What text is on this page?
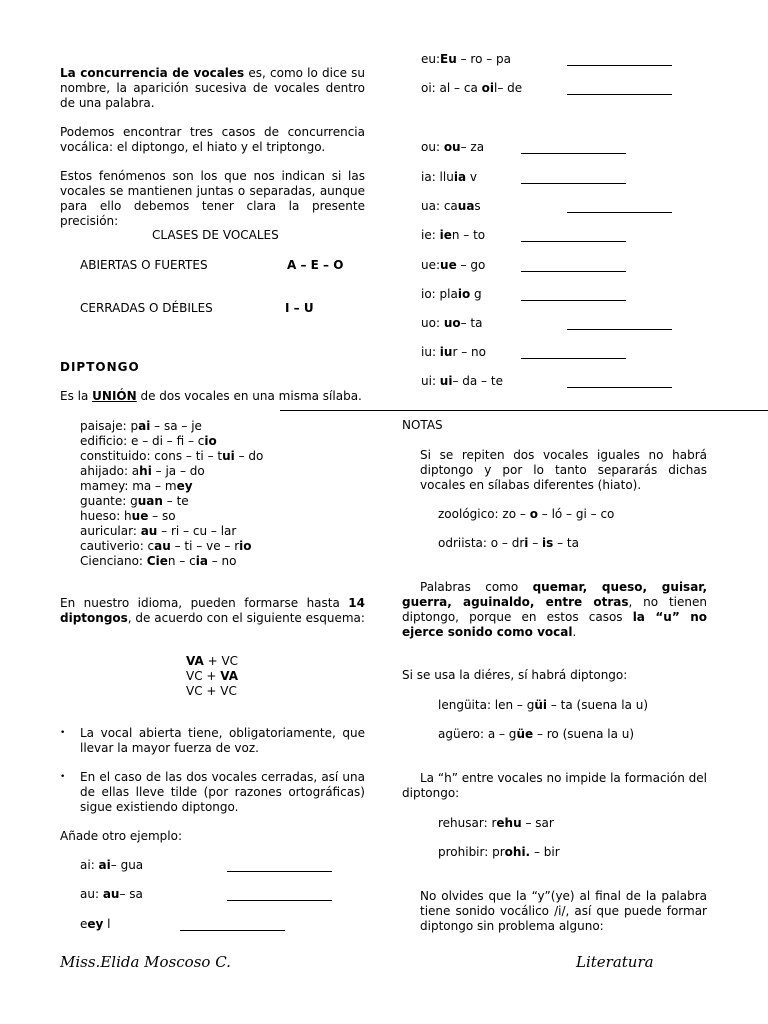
La concurrencia de vocales es, como lo dice su nombre, la aparición sucesiva de vocales dentro de una palabra.
Podemos encontrar tres casos de concurrencia vocálica: el diptongo, el hiato y el triptongo.
Estos fenómenos son los que nos indican si las vocales se mantienen juntas o separadas, aunque para ello debemos tener clara la presente precisión:
CLASES DE VOCALES
ABIERTAS O FUERTES	A – E – O
CERRADAS O DÉBILES	I – U
DIPTONGO
Es la UNIÓN de dos vocales en una misma sílaba.
paisaje: pai – sa – je
edificio: e – di – fi – cio
constituido: cons – ti – tui – do
ahijado: ahi – ja – do
mamey: ma – mey
guante: guan – te
hueso: hue – so
auricular: au – ri – cu – lar
cautiverio: cau – ti – ve – rio
Cienciano: Cien – cia – no
En nuestro idioma, pueden formarse hasta 14 diptongos, de acuerdo con el siguiente esquema:
VA + VC
VC + VA
VC + VC
• La vocal abierta tiene, obligatoriamente, que llevar la mayor fuerza de voz.
• En el caso de las dos vocales cerradas, así una de ellas lleve tilde (por razones ortográficas) sigue existiendo diptongo.
Añade otro ejemplo:
ai: ai– gua
au: au– sa
eey l
eu:Eu – ro – pa
oi: al – ca oil– de
ou: ou– za
ia: lluia v
ua: cauas
ie: ien – to
ue:ue – go
io: plaio g
uo: uo– ta
iu: iur – no
ui: ui– da – te
NOTAS
Si se repiten dos vocales iguales no habrá diptongo y por lo tanto separarás dichas vocales en sílabas diferentes (hiato).
zoológico: zo – o – ló – gi – co
odriista: o – dri – is – ta
Palabras como quemar, queso, guisar, guerra, aguinaldo, entre otras, no tienen diptongo, porque en estos casos la “u” no ejerce sonido como vocal.
Si se usa la diéres, sí habrá diptongo:
lengüita: len – güi – ta (suena la u)
agüero: a – güe – ro (suena la u)
La “h” entre vocales no impide la formación del diptongo:
rehusar: rehu – sar
prohibir: prohi. – bir
No olvides que la “y”(ye) al final de la palabra tiene sonido vocálico /i/, así que puede formar diptongo sin problema alguno:
Miss.Elida Moscoso C.	Literatura
